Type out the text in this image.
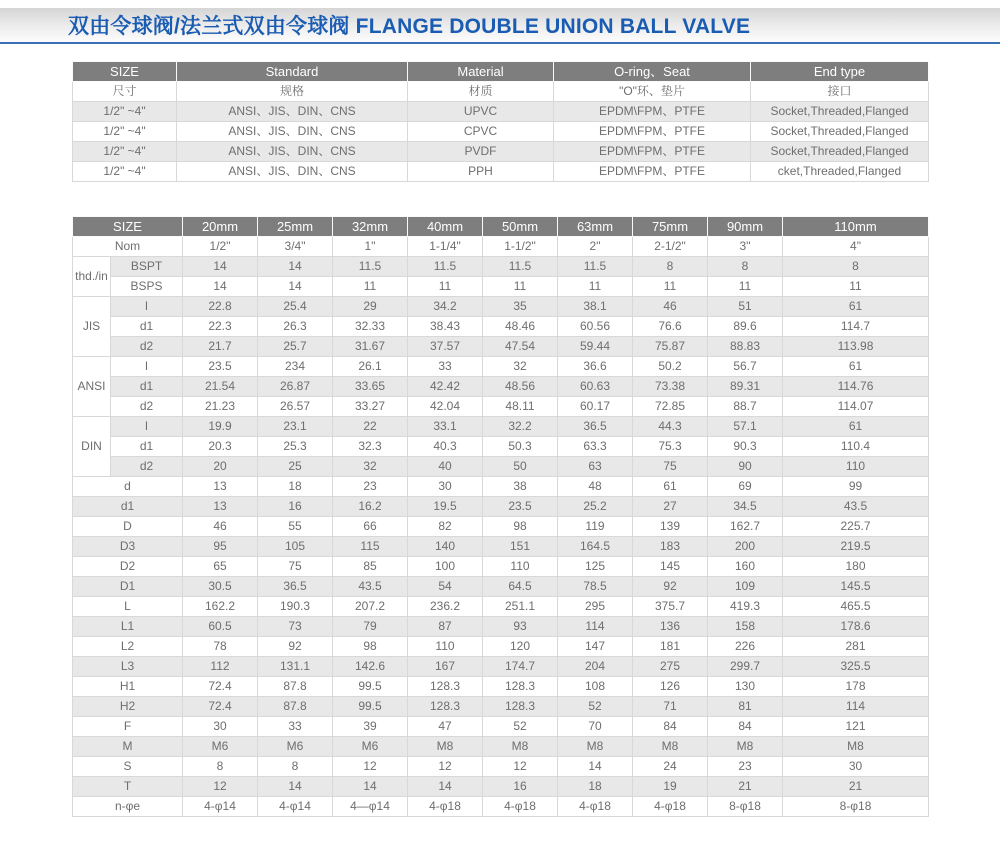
双由令球阀/法兰式双由令球阀 FLANGE DOUBLE UNION BALL VALVE
SIZE	Standard	Material	O-ring、Seat	End type
尺寸	规格	材质	"O"环、垫片	接口
1/2" ~4"	ANSI、JIS、DIN、CNS	UPVC	EPDM\FPM、PTFE	Socket,Threaded,Flanged
1/2" ~4"	ANSI、JIS、DIN、CNS	CPVC	EPDM\FPM、PTFE	Socket,Threaded,Flanged
1/2" ~4"	ANSI、JIS、DIN、CNS	PVDF	EPDM\FPM、PTFE	Socket,Threaded,Flanged
1/2" ~4"	ANSI、JIS、DIN、CNS	PPH	EPDM\FPM、PTFE	cket,Threaded,Flanged
SIZE		20mm	25mm	32mm	40mm	50mm	63mm	75mm	90mm	110mm
Nom		1/2"	3/4"	1"	1-1/4"	1-1/2"	2"	2-1/2"	3"	4"
thd./in	BSPT	14	14	11.5	11.5	11.5	11.5	8	8	8
	BSPS	14	14	11	11	11	11	11	11	11
JIS	l	22.8	25.4	29	34.2	35	38.1	46	51	61
	d1	22.3	26.3	32.33	38.43	48.46	60.56	76.6	89.6	114.7
	d2	21.7	25.7	31.67	37.57	47.54	59.44	75.87	88.83	113.98
ANSI	l	23.5	234	26.1	33	32	36.6	50.2	56.7	61
	d1	21.54	26.87	33.65	42.42	48.56	60.63	73.38	89.31	114.76
	d2	21.23	26.57	33.27	42.04	48.11	60.17	72.85	88.7	114.07
DIN	l	19.9	23.1	22	33.1	32.2	36.5	44.3	57.1	61
	d1	20.3	25.3	32.3	40.3	50.3	63.3	75.3	90.3	110.4
	d2	20	25	32	40	50	63	75	90	110
d		13	18	23	30	38	48	61	69	99
d1		13	16	16.2	19.5	23.5	25.2	27	34.5	43.5
D		46	55	66	82	98	119	139	162.7	225.7
D3		95	105	115	140	151	164.5	183	200	219.5
D2		65	75	85	100	110	125	145	160	180
D1		30.5	36.5	43.5	54	64.5	78.5	92	109	145.5
L		162.2	190.3	207.2	236.2	251.1	295	375.7	419.3	465.5
L1		60.5	73	79	87	93	114	136	158	178.6
L2		78	92	98	110	120	147	181	226	281
L3		112	131.1	142.6	167	174.7	204	275	299.7	325.5
H1		72.4	87.8	99.5	128.3	128.3	108	126	130	178
H2		72.4	87.8	99.5	128.3	128.3	52	71	81	114
F		30	33	39	47	52	70	84	84	121
M		M6	M6	M6	M8	M8	M8	M8	M8	M8
S		8	8	12	12	12	14	24	23	30
T		12	14	14	14	16	18	19	21	21
n-φe		4-φ14	4-φ14	4—φ14	4-φ18	4-φ18	4-φ18	4-φ18	8-φ18	8-φ18
